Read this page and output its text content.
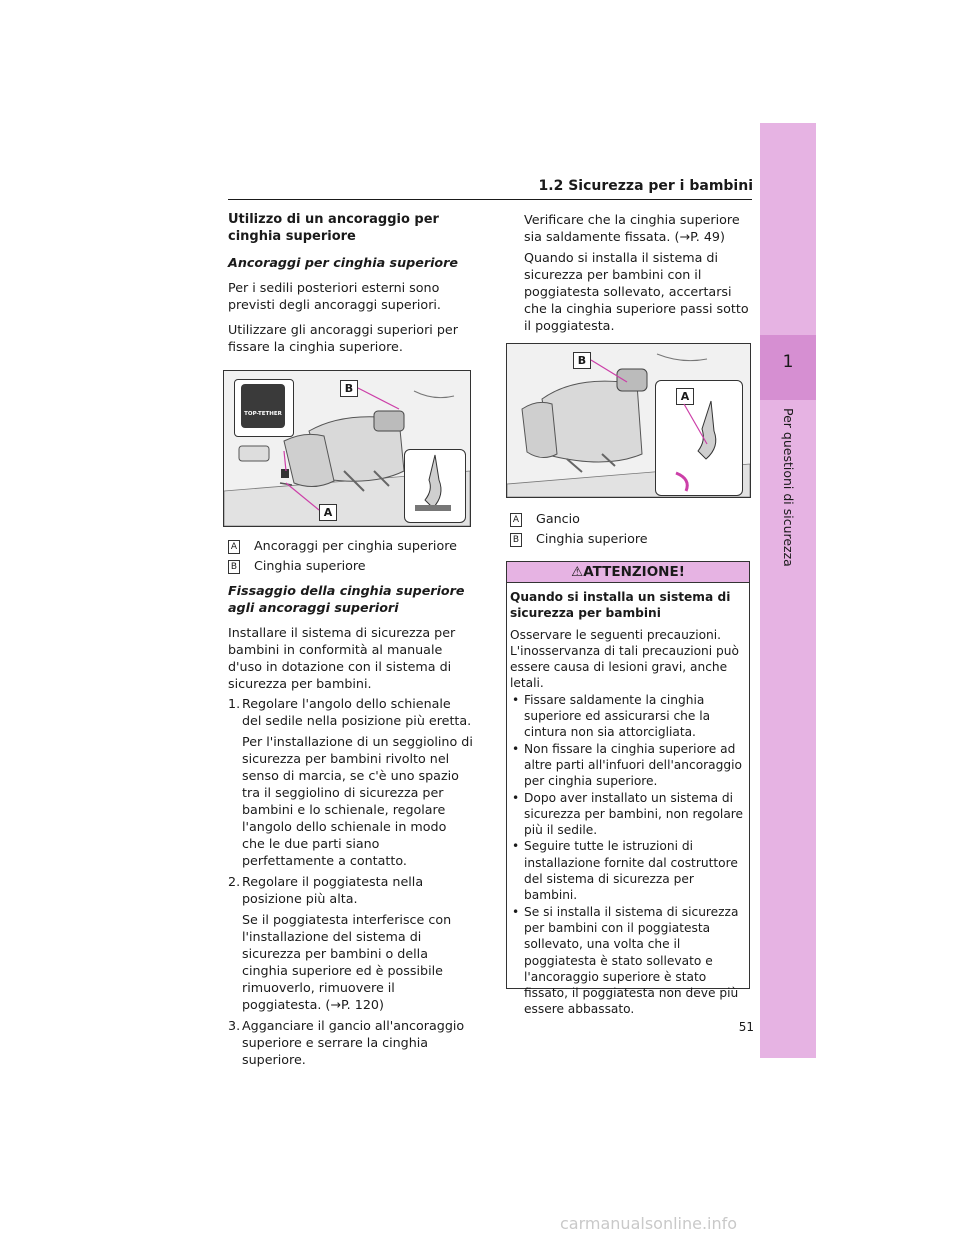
1
Per questioni di sicurezza
1.2 Sicurezza per i bambini

Utilizzo di un ancoraggio per cinghia superiore

Ancoraggi per cinghia superiore

Per i sedili posteriori esterni sono previsti degli ancoraggi superiori.

Utilizzare gli ancoraggi superiori per fissare la cinghia superiore.

TOP-TETHER
B
A

A Ancoraggi per cinghia superiore

B Cinghia superiore

Fissaggio della cinghia superiore agli ancoraggi superiori

Installare il sistema di sicurezza per bambini in conformità al manuale d'uso in dotazione con il sistema di sicurezza per bambini.

1. Regolare l'angolo dello schienale del sedile nella posizione più eretta.

Per l'installazione di un seggiolino di sicurezza per bambini rivolto nel senso di marcia, se c'è uno spazio tra il seggiolino di sicurezza per bambini e lo schienale, regolare l'angolo dello schienale in modo che le due parti siano perfettamente a contatto.

2. Regolare il poggiatesta nella posizione più alta.

Se il poggiatesta interferisce con l'installazione del sistema di sicurezza per bambini o della cinghia superiore ed è possibile rimuoverlo, rimuovere il poggiatesta. (→P. 120)

3. Agganciare il gancio all'ancoraggio superiore e serrare la cinghia superiore.

Verificare che la cinghia superiore sia saldamente fissata. (→P. 49)

Quando si installa il sistema di sicurezza per bambini con il poggiatesta sollevato, accertarsi che la cinghia superiore passi sotto il poggiatesta.

B
A

A Gancio

B Cinghia superiore

⚠ATTENZIONE!

Quando si installa un sistema di sicurezza per bambini

Osservare le seguenti precauzioni. L'inosservanza di tali precauzioni può essere causa di lesioni gravi, anche letali.

• Fissare saldamente la cinghia superiore ed assicurarsi che la cintura non sia attorcigliata.
• Non fissare la cinghia superiore ad altre parti all'infuori dell'ancoraggio per cinghia superiore.
• Dopo aver installato un sistema di sicurezza per bambini, non regolare più il sedile.
• Seguire tutte le istruzioni di installazione fornite dal costruttore del sistema di sicurezza per bambini.
• Se si installa il sistema di sicurezza per bambini con il poggiatesta sollevato, una volta che il poggiatesta è stato sollevato e l'ancoraggio superiore è stato fissato, il poggiatesta non deve più essere abbassato.
51
carmanualsonline.info
